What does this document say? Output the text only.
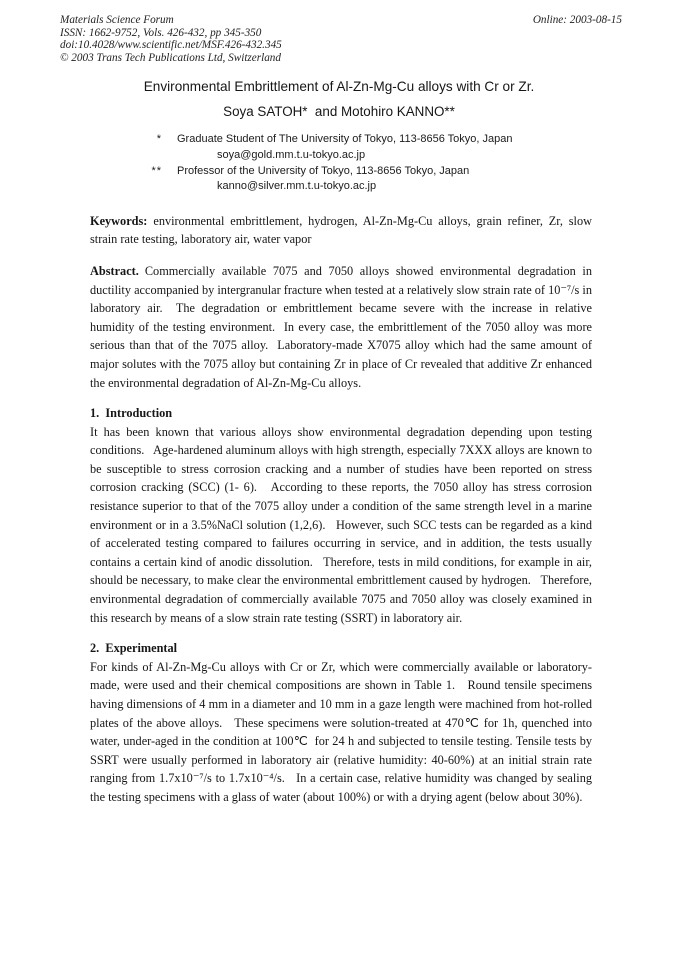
Materials Science Forum
ISSN: 1662-9752, Vols. 426-432, pp 345-350
doi:10.4028/www.scientific.net/MSF.426-432.345
© 2003 Trans Tech Publications Ltd, Switzerland
Online: 2003-08-15
Environmental Embrittlement of Al-Zn-Mg-Cu alloys with Cr or Zr.
Soya SATOH*  and Motohiro KANNO**
* Graduate Student of The University of Tokyo, 113-8656 Tokyo, Japan
soya@gold.mm.t.u-tokyo.ac.jp
** Professor of the University of Tokyo, 113-8656 Tokyo, Japan
kanno@silver.mm.t.u-tokyo.ac.jp

Keywords: environmental embrittlement, hydrogen, Al-Zn-Mg-Cu alloys, grain refiner, Zr, slow strain rate testing, laboratory air, water vapor

Abstract. Commercially available 7075 and 7050 alloys showed environmental degradation in ductility accompanied by intergranular fracture when tested at a relatively slow strain rate of 10⁻⁷/s in laboratory air.  The degradation or embrittlement became severe with the increase in relative humidity of the testing environment.  In every case, the embrittlement of the 7050 alloy was more serious than that of the 7075 alloy.  Laboratory-made X7075 alloy which had the same amount of major solutes with the 7075 alloy but containing Zr in place of Cr revealed that additive Zr enhanced the environmental degradation of Al-Zn-Mg-Cu alloys.

1.  Introduction

It has been known that various alloys show environmental degradation depending upon testing conditions.   Age-hardened aluminum alloys with high strength, especially 7XXX alloys are known to be susceptible to stress corrosion cracking and a number of studies have been reported on stress corrosion cracking (SCC) (1- 6).   According to these reports, the 7050 alloy has stress corrosion resistance superior to that of the 7075 alloy under a condition of the same strength level in a marine environment or in a 3.5%NaCl solution (1,2,6).   However, such SCC tests can be regarded as a kind of accelerated testing compared to failures occurring in service, and in addition, the tests usually contains a certain kind of anodic dissolution.   Therefore, tests in mild conditions, for example in air, should be necessary, to make clear the environmental embrittlement caused by hydrogen.   Therefore, environmental degradation of commercially available 7075 and 7050 alloy was closely examined in this research by means of a slow strain rate testing (SSRT) in laboratory air.

2.  Experimental

For kinds of Al-Zn-Mg-Cu alloys with Cr or Zr, which were commercially available or laboratory-made, were used and their chemical compositions are shown in Table 1.   Round tensile specimens having dimensions of 4 mm in a diameter and 10 mm in a gaze length were machined from hot-rolled plates of the above alloys.   These specimens were solution-treated at 470℃ for 1h, quenched into water, under-aged in the condition at 100℃  for 24 h and subjected to tensile testing. Tensile tests by SSRT were usually performed in laboratory air (relative humidity: 40-60%) at an initial strain rate ranging from 1.7x10⁻⁷/s to 1.7x10⁻⁴/s.   In a certain case, relative humidity was changed by sealing the testing specimens with a glass of water (about 100%) or with a drying agent (below about 30%).
